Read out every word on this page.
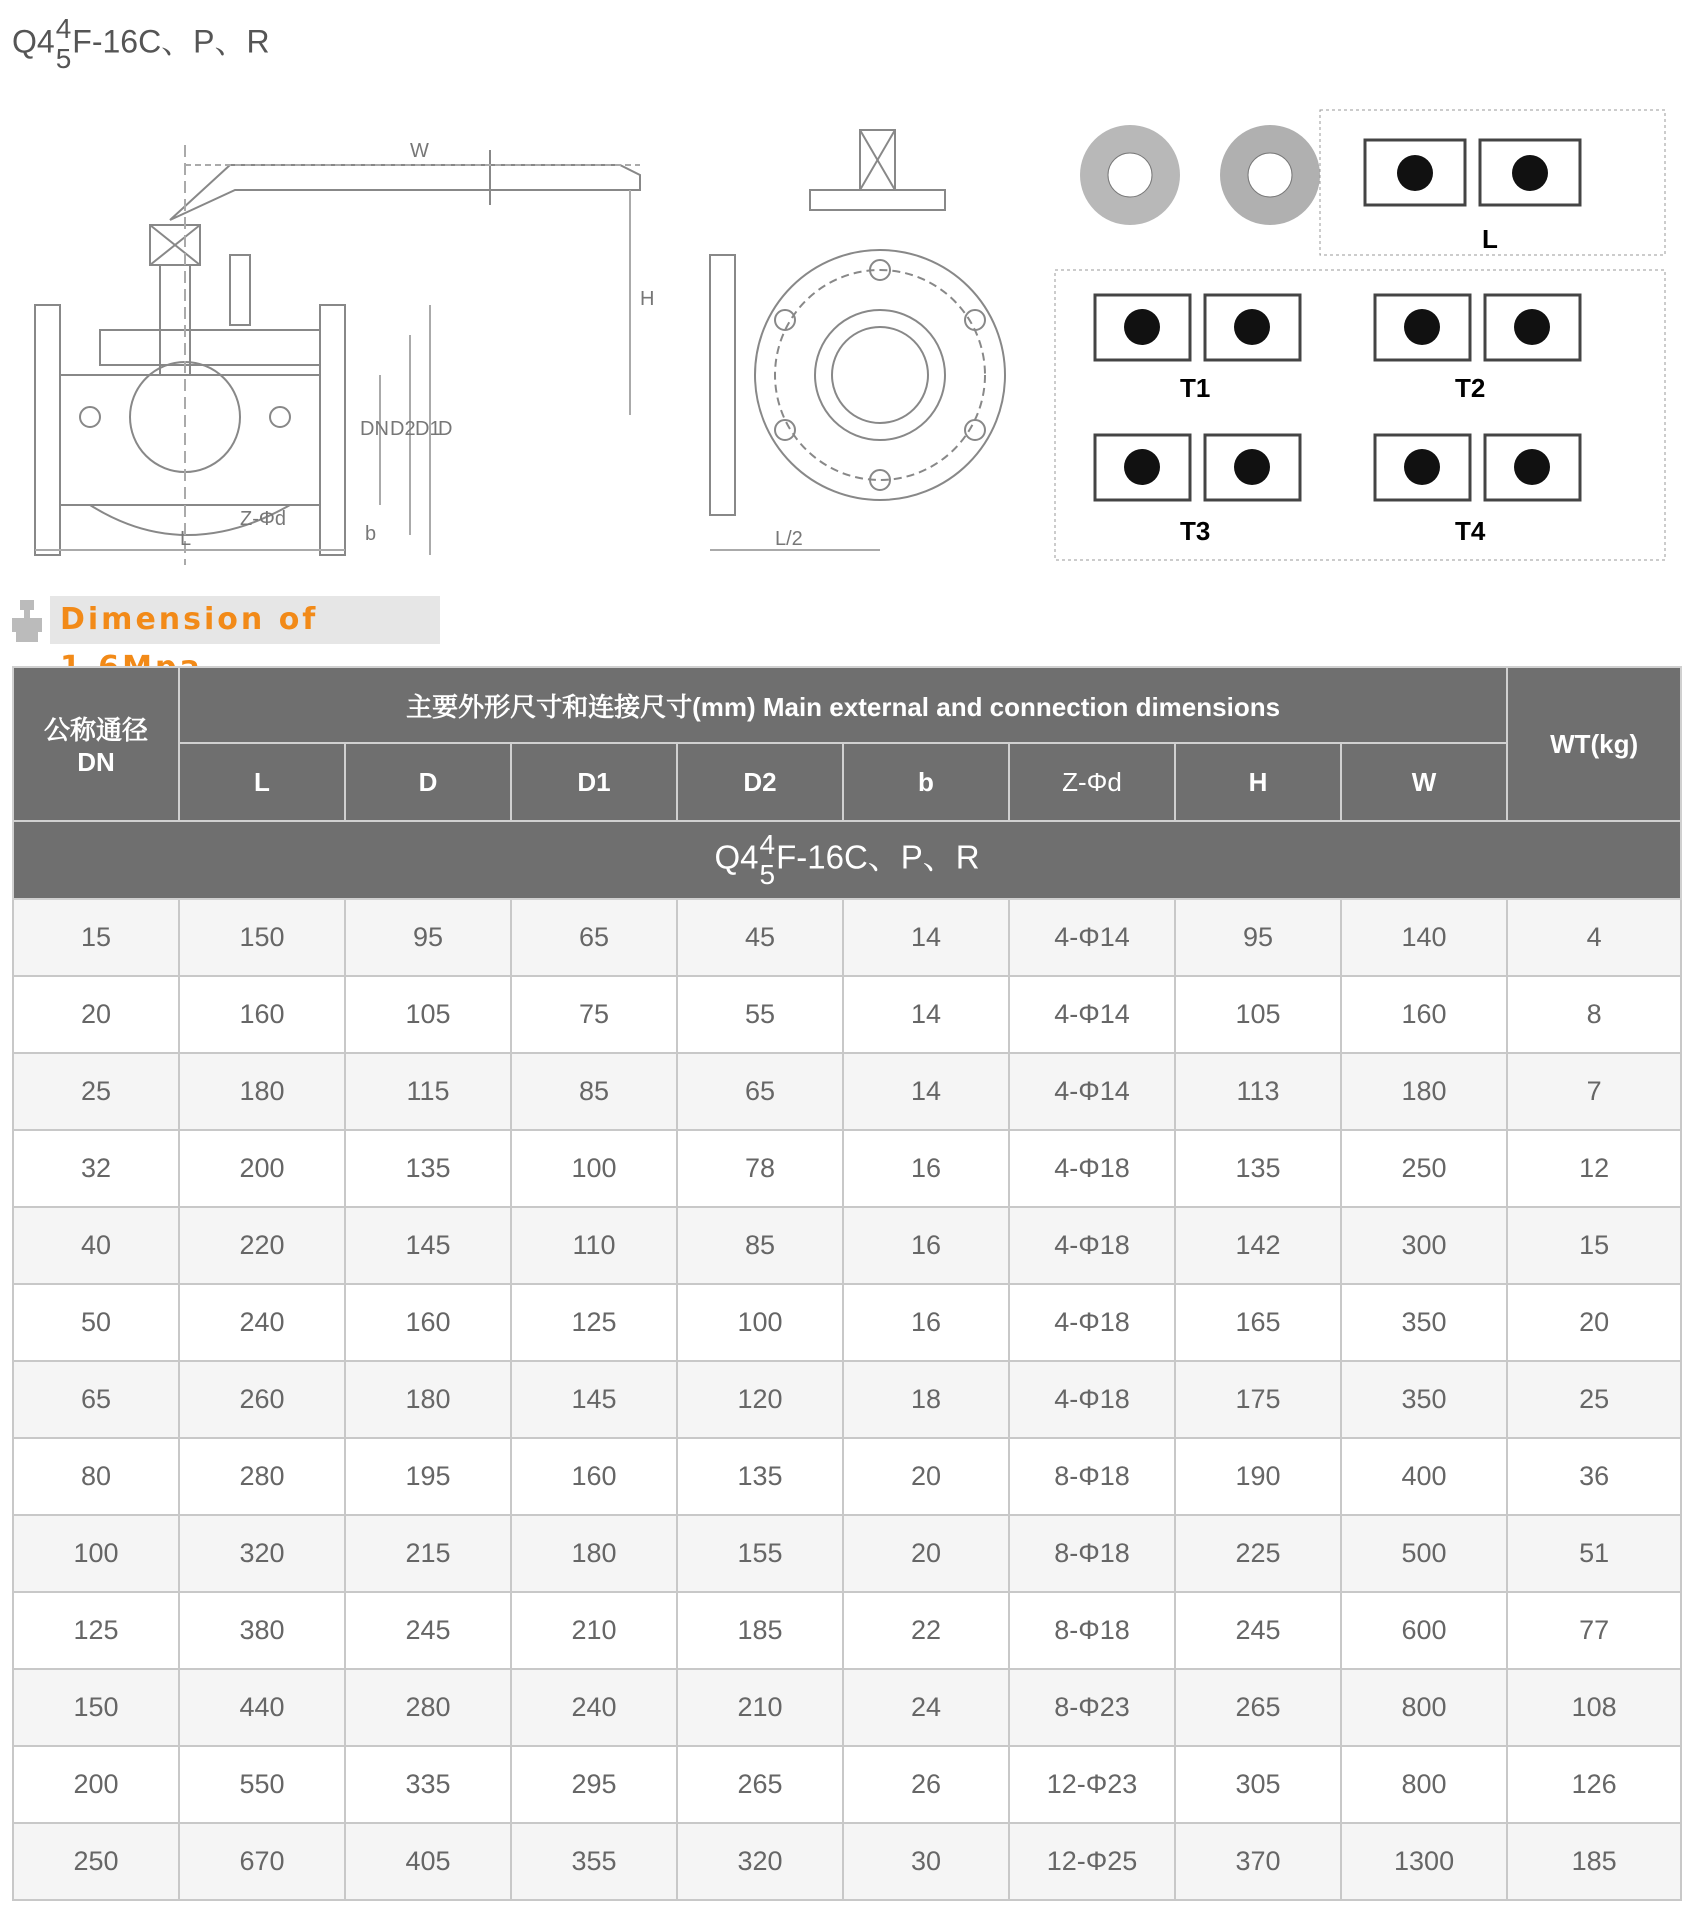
Q4 4
5 F-16C、P、R
W
H
DN D2 D1
D
L
Z-Φd
b	L/2
L
T1	T2
T3	T4
Dimension of
公称通径
DN	主要外形尺寸和连接尺寸(mm) Main external and connection dimensions								WT(kg)
	L	D	D1	D2	b	Z-Φd	H	W	
Q4 4
5 F-16C、P、R									
15	150	95	65	45	14	4-Φ14	95	140	4
20	160	105	75	55	14	4-Φ14	105	160	8
25	180	115	85	65	14	4-Φ14	113	180	7
32	200	135	100	78	16	4-Φ18	135	250	12
40	220	145	110	85	16	4-Φ18	142	300	15
50	240	160	125	100	16	4-Φ18	165	350	20
65	260	180	145	120	18	4-Φ18	175	350	25
80	280	195	160	135	20	8-Φ18	190	400	36
100	320	215	180	155	20	8-Φ18	225	500	51
125	380	245	210	185	22	8-Φ18	245	600	77
150	440	280	240	210	24	8-Φ23	265	800	108
200	550	335	295	265	26	12-Φ23	305	800	126
250	670	405	355	320	30	12-Φ25	370	1300	185
